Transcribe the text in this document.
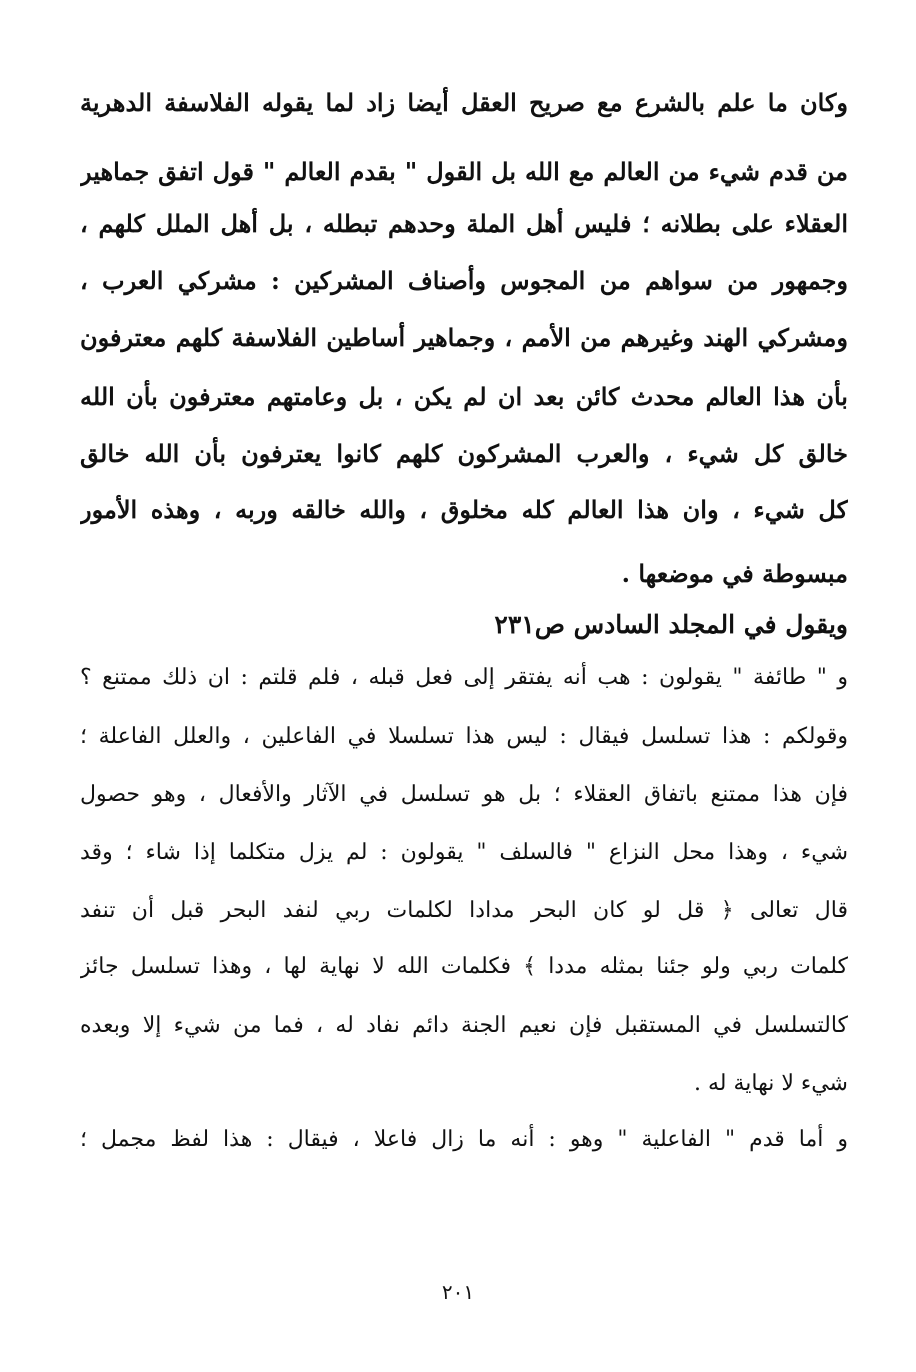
وكان ما علم بالشرع مع صريح العقل أيضا زاد لما يقوله الفلاسفة الدهرية
من قدم شيء من العالم مع الله بل القول " بقدم العالم " قول اتفق جماهير
العقلاء على بطلانه ؛ فليس أهل الملة وحدهم تبطله ، بل أهل الملل كلهم ،
وجمهور من سواهم من المجوس وأصناف المشركين : مشركي العرب ،
ومشركي الهند وغيرهم من الأمم ، وجماهير أساطين الفلاسفة كلهم معترفون
بأن هذا العالم محدث كائن بعد ان لم يكن ، بل وعامتهم معترفون بأن الله
خالق كل شيء ، والعرب المشركون كلهم كانوا يعترفون بأن الله خالق
كل شيء ، وان هذا العالم كله مخلوق ، والله خالقه وربه ، وهذه الأمور
مبسوطة في موضعها .
ويقول في المجلد السادس ص٢٣١
و " طائفة " يقولون : هب أنه يفتقر إلى فعل قبله ، فلم قلتم : ان ذلك ممتنع ؟
وقولكم : هذا تسلسل فيقال : ليس هذا تسلسلا في الفاعلين ، والعلل الفاعلة ؛
فإن هذا ممتنع باتفاق العقلاء ؛ بل هو تسلسل في الآثار والأفعال ، وهو حصول
شيء ، وهذا محل النزاع " فالسلف " يقولون : لم يزل متكلما إذا شاء ؛ وقد
قال تعالى ﴿ قل لو كان البحر مدادا لكلمات ربي لنفد البحر قبل أن تنفد
كلمات ربي ولو جئنا بمثله مددا ﴾ فكلمات الله لا نهاية لها ، وهذا تسلسل جائز
كالتسلسل في المستقبل فإن نعيم الجنة دائم نفاد له ، فما من شيء إلا وبعده
شيء لا نهاية له .
و أما قدم " الفاعلية " وهو : أنه ما زال فاعلا ، فيقال : هذا لفظ مجمل ؛
٢٠١
